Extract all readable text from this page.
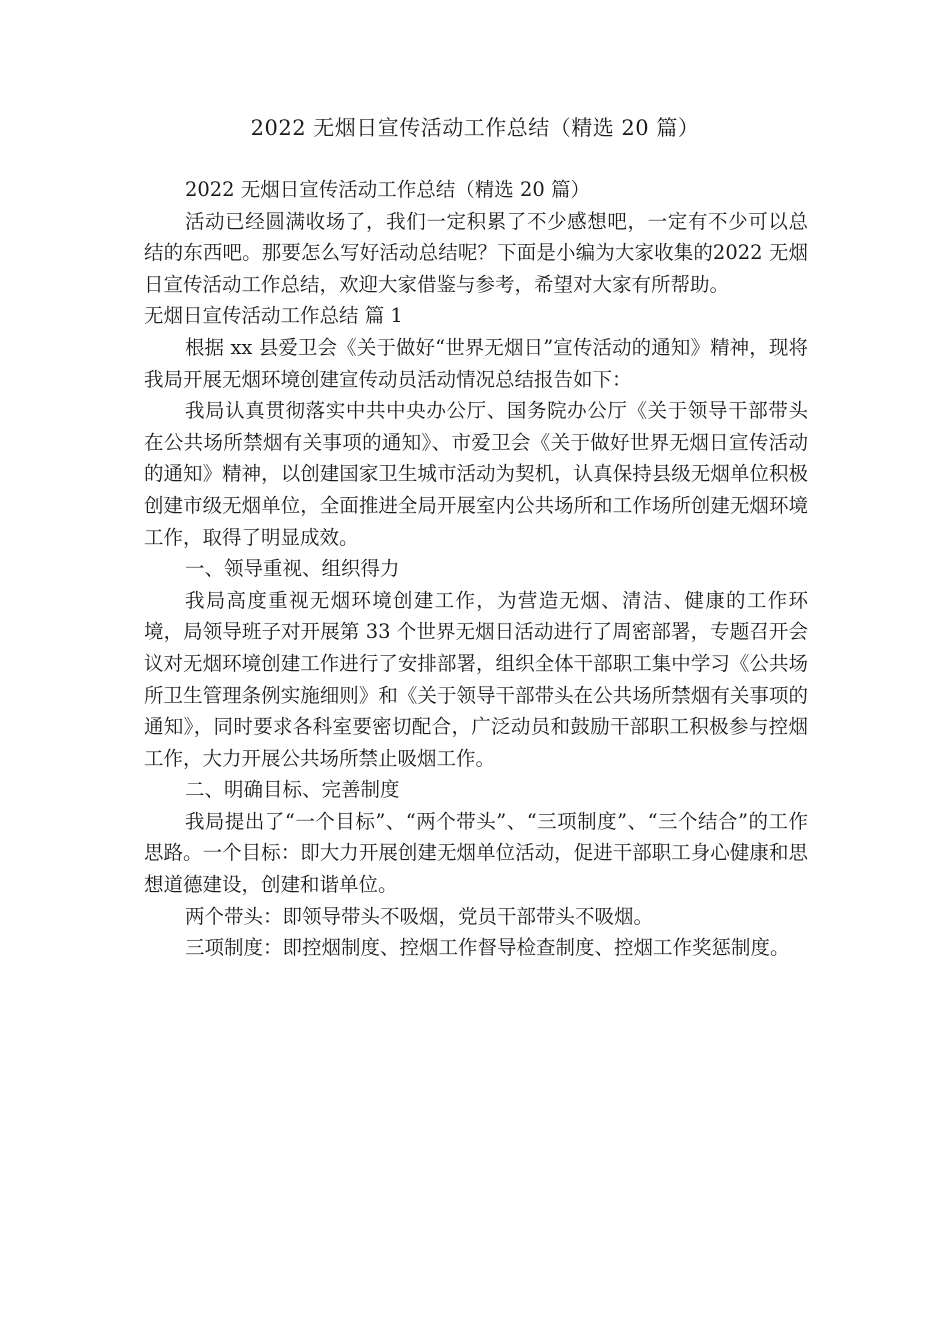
2022 无烟日宣传活动工作总结（精选 20 篇）

2022 无烟日宣传活动工作总结（精选 20 篇）

活动已经圆满收场了，我们一定积累了不少感想吧，一定有不少可以总结的东西吧。那要怎么写好活动总结呢？下面是小编为大家收集的2022 无烟日宣传活动工作总结，欢迎大家借鉴与参考，希望对大家有所帮助。

无烟日宣传活动工作总结 篇 1

根据 xx 县爱卫会《关于做好“世界无烟日”宣传活动的通知》精神，现将我局开展无烟环境创建宣传动员活动情况总结报告如下：

我局认真贯彻落实中共中央办公厅、国务院办公厅《关于领导干部带头在公共场所禁烟有关事项的通知》、市爱卫会《关于做好世界无烟日宣传活动的通知》精神，以创建国家卫生城市活动为契机，认真保持县级无烟单位积极创建市级无烟单位，全面推进全局开展室内公共场所和工作场所创建无烟环境工作，取得了明显成效。

一、领导重视、组织得力

我局高度重视无烟环境创建工作，为营造无烟、清洁、健康的工作环境，局领导班子对开展第 33 个世界无烟日活动进行了周密部署，专题召开会议对无烟环境创建工作进行了安排部署，组织全体干部职工集中学习《公共场所卫生管理条例实施细则》和《关于领导干部带头在公共场所禁烟有关事项的通知》，同时要求各科室要密切配合，广泛动员和鼓励干部职工积极参与控烟工作，大力开展公共场所禁止吸烟工作。

二、明确目标、完善制度

我局提出了“一个目标”、“两个带头”、“三项制度”、“三个结合”的工作思路。一个目标：即大力开展创建无烟单位活动，促进干部职工身心健康和思想道德建设，创建和谐单位。

两个带头：即领导带头不吸烟，党员干部带头不吸烟。

三项制度：即控烟制度、控烟工作督导检查制度、控烟工作奖惩制度。
